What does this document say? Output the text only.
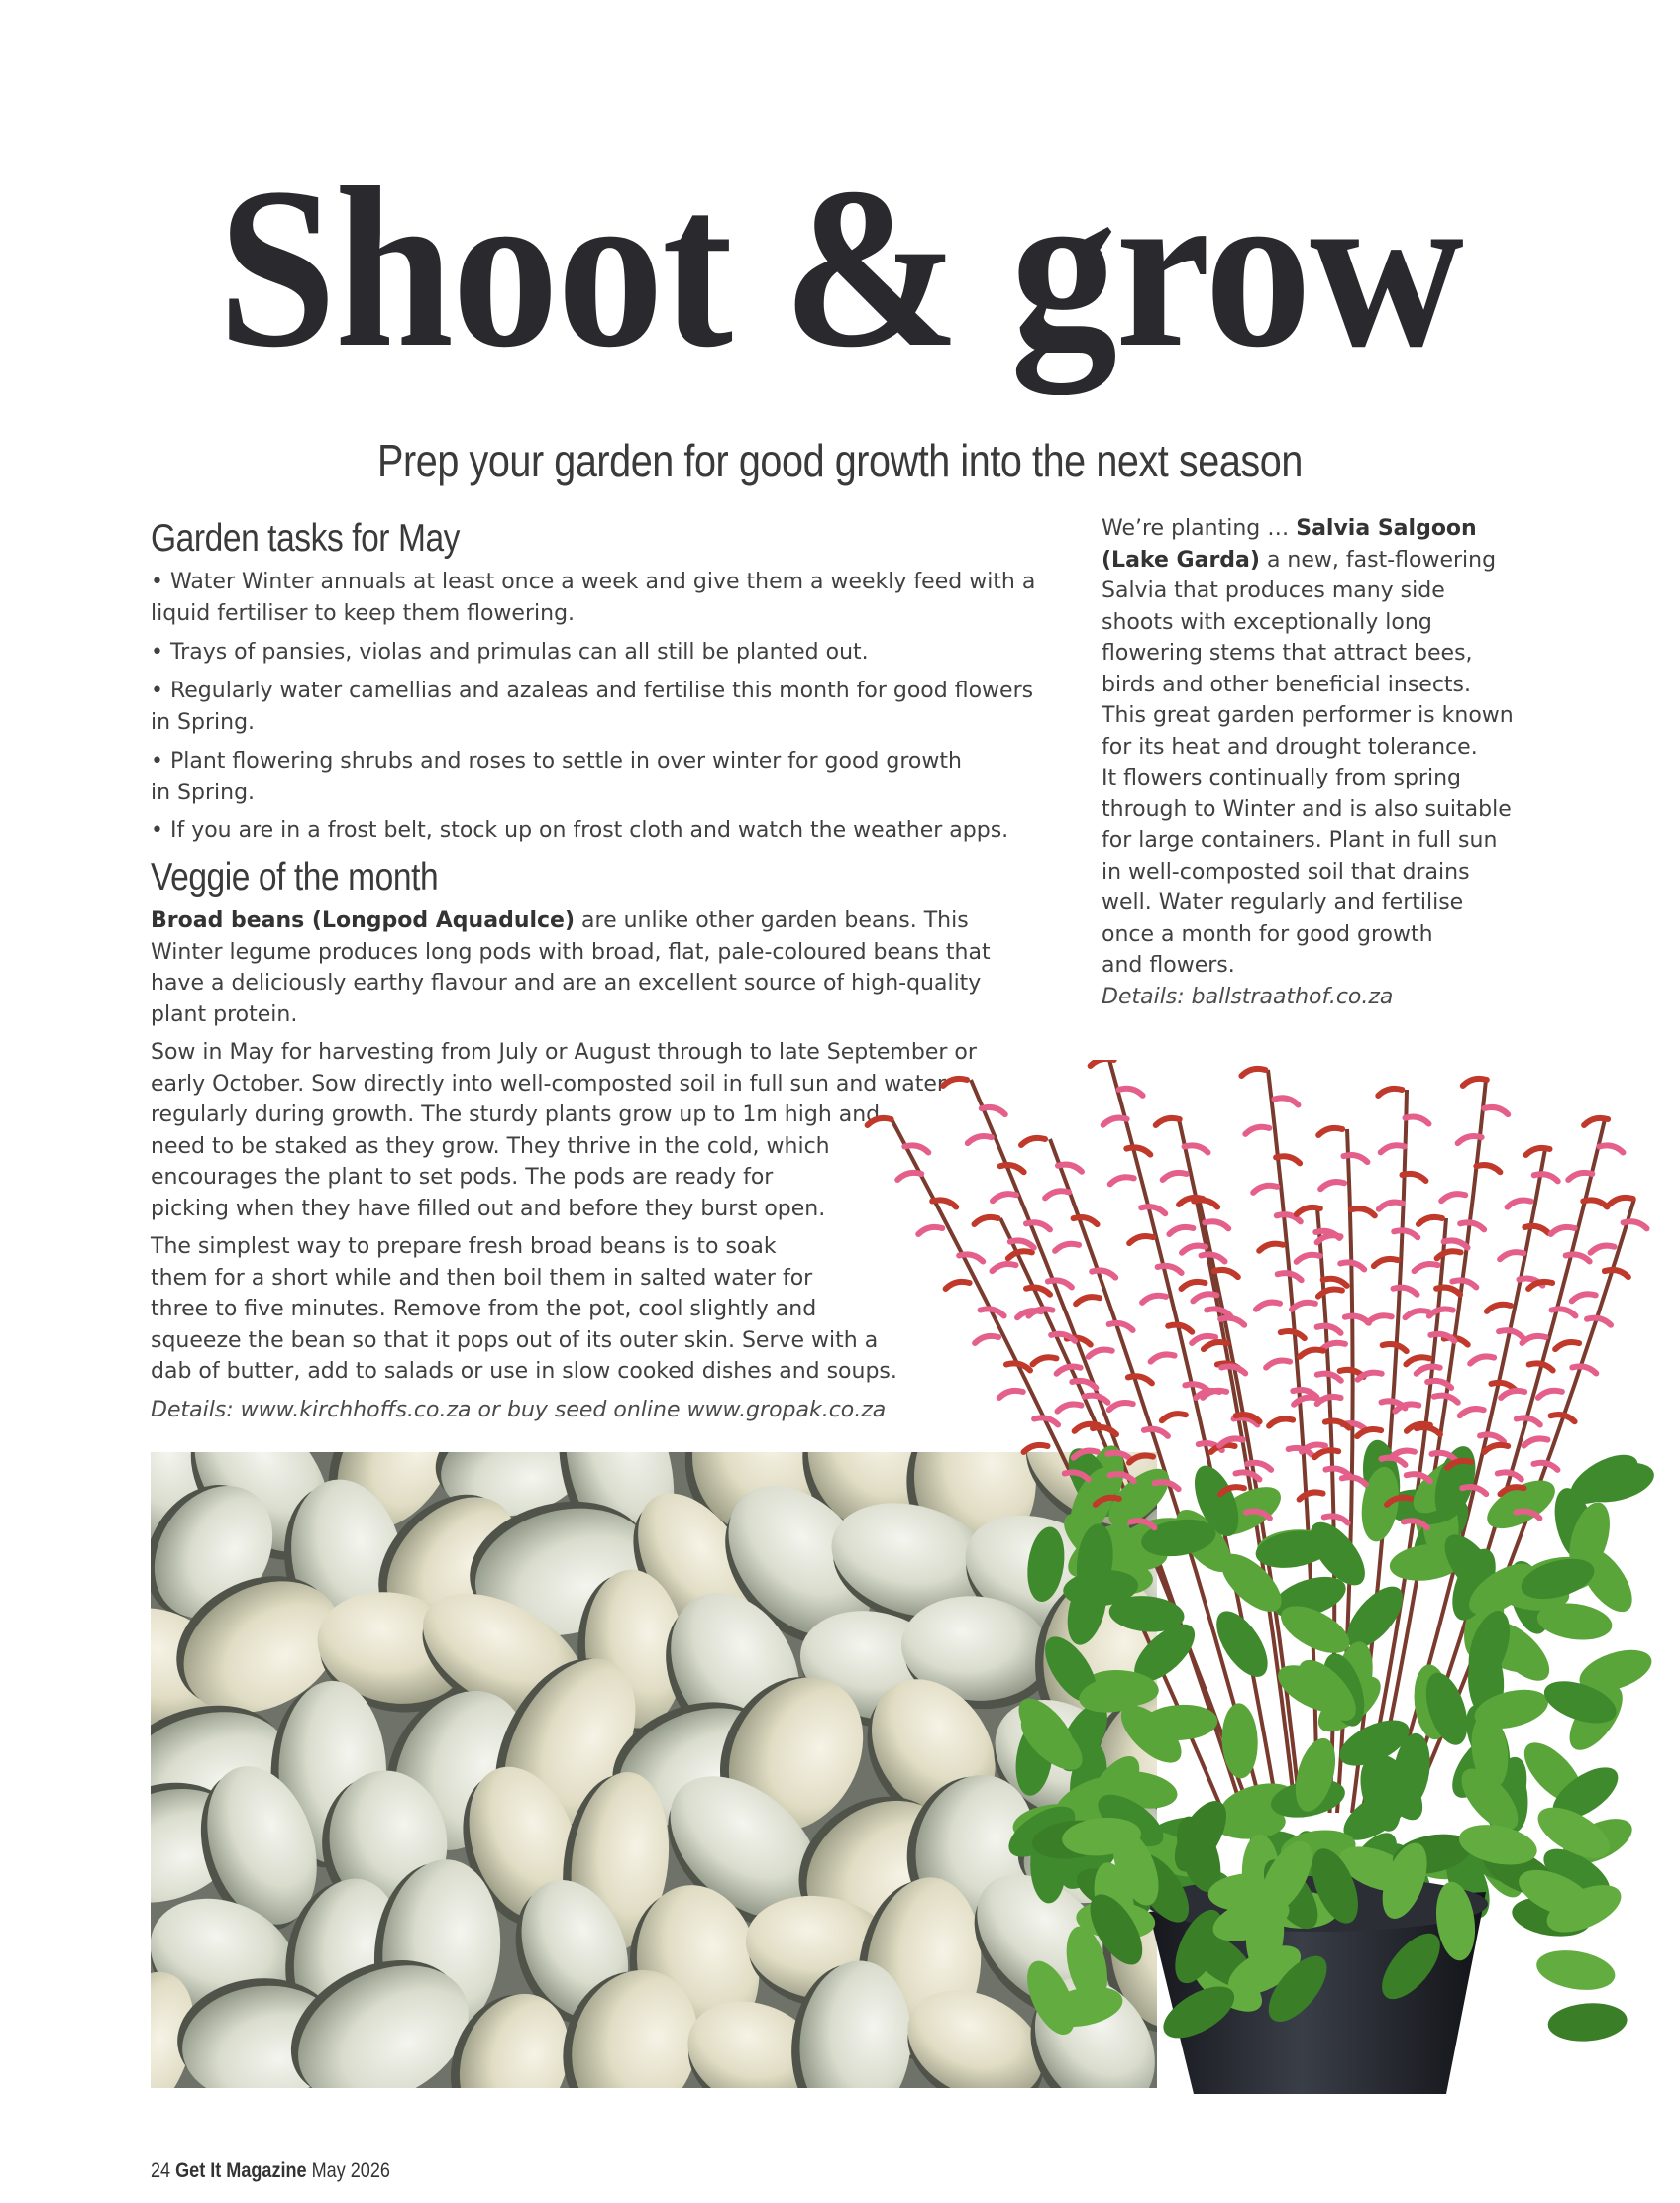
Shoot & grow
Prep your garden for good growth into the next season
Garden tasks for May
• Water Winter annuals at least once a week and give them a weekly feed with a
liquid fertiliser to keep them flowering.
• Trays of pansies, violas and primulas can all still be planted out.
• Regularly water camellias and azaleas and fertilise this month for good flowers
in Spring.
• Plant flowering shrubs and roses to settle in over winter for good growth
in Spring.
• If you are in a frost belt, stock up on frost cloth and watch the weather apps.
Veggie of the month
Broad beans (Longpod Aquadulce) are unlike other garden beans. This
Winter legume produces long pods with broad, flat, pale-coloured beans that
have a deliciously earthy flavour and are an excellent source of high-quality
plant protein.
Sow in May for harvesting from July or August through to late September or
early October. Sow directly into well-composted soil in full sun and water
regularly during growth. The sturdy plants grow up to 1m high and
need to be staked as they grow. They thrive in the cold, which
encourages the plant to set pods. The pods are ready for
picking when they have filled out and before they burst open.
The simplest way to prepare fresh broad beans is to soak
them for a short while and then boil them in salted water for
three to five minutes. Remove from the pot, cool slightly and
squeeze the bean so that it pops out of its outer skin. Serve with a
dab of butter, add to salads or use in slow cooked dishes and soups.
Details: www.kirchhoffs.co.za or buy seed online www.gropak.co.za
We’re planting … Salvia Salgoon
(Lake Garda) a new, fast-flowering
Salvia that produces many side
shoots with exceptionally long
flowering stems that attract bees,
birds and other beneficial insects.
This great garden performer is known
for its heat and drought tolerance.
It flowers continually from spring
through to Winter and is also suitable
for large containers. Plant in full sun
in well-composted soil that drains
well. Water regularly and fertilise
once a month for good growth
and flowers.
Details: ballstraathof.co.za
24 Get It Magazine May 2026
